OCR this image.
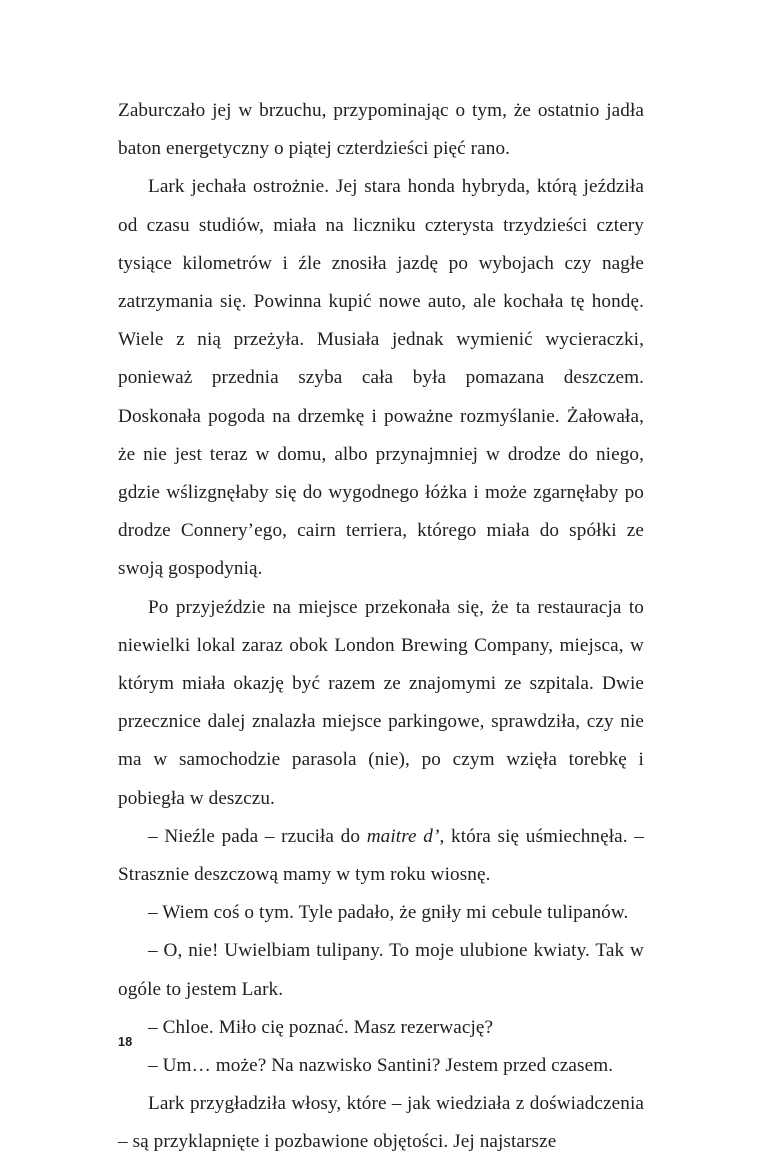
Zaburczało jej w brzuchu, przypominając o tym, że ostatnio jadła baton energetyczny o piątej czterdzieści pięć rano.

Lark jechała ostrożnie. Jej stara honda hybryda, którą jeździła od czasu studiów, miała na liczniku czterysta trzydzieści cztery tysiące kilometrów i źle znosiła jazdę po wybojach czy nagłe zatrzymania się. Powinna kupić nowe auto, ale kochała tę hondę. Wiele z nią przeżyła. Musiała jednak wymienić wycieraczki, ponieważ przednia szyba cała była pomazana deszczem. Doskonała pogoda na drzemkę i poważne rozmyślanie. Żałowała, że nie jest teraz w domu, albo przynajmniej w drodze do niego, gdzie wślizgnęłaby się do wygodnego łóżka i może zgarnęłaby po drodze Connery’ego, cairn terriera, którego miała do spółki ze swoją gospodynią.

Po przyjeździe na miejsce przekonała się, że ta restauracja to niewielki lokal zaraz obok London Brewing Company, miejsca, w którym miała okazję być razem ze znajomymi ze szpitala. Dwie przecznice dalej znalazła miejsce parkingowe, sprawdziła, czy nie ma w samochodzie parasola (nie), po czym wzięła torebkę i pobiegła w deszczu.

– Nieźle pada – rzuciła do maitre d’, która się uśmiechnęła. – Strasznie deszczową mamy w tym roku wiosnę.

– Wiem coś o tym. Tyle padało, że gniły mi cebule tulipanów.

– O, nie! Uwielbiam tulipany. To moje ulubione kwiaty. Tak w ogóle to jestem Lark.

– Chloe. Miło cię poznać. Masz rezerwację?

– Um… może? Na nazwisko Santini? Jestem przed czasem.

Lark przygładziła włosy, które – jak wiedziała z doświadczenia – są przyklapnięte i pozbawione objętości. Jej najstarsze

18
